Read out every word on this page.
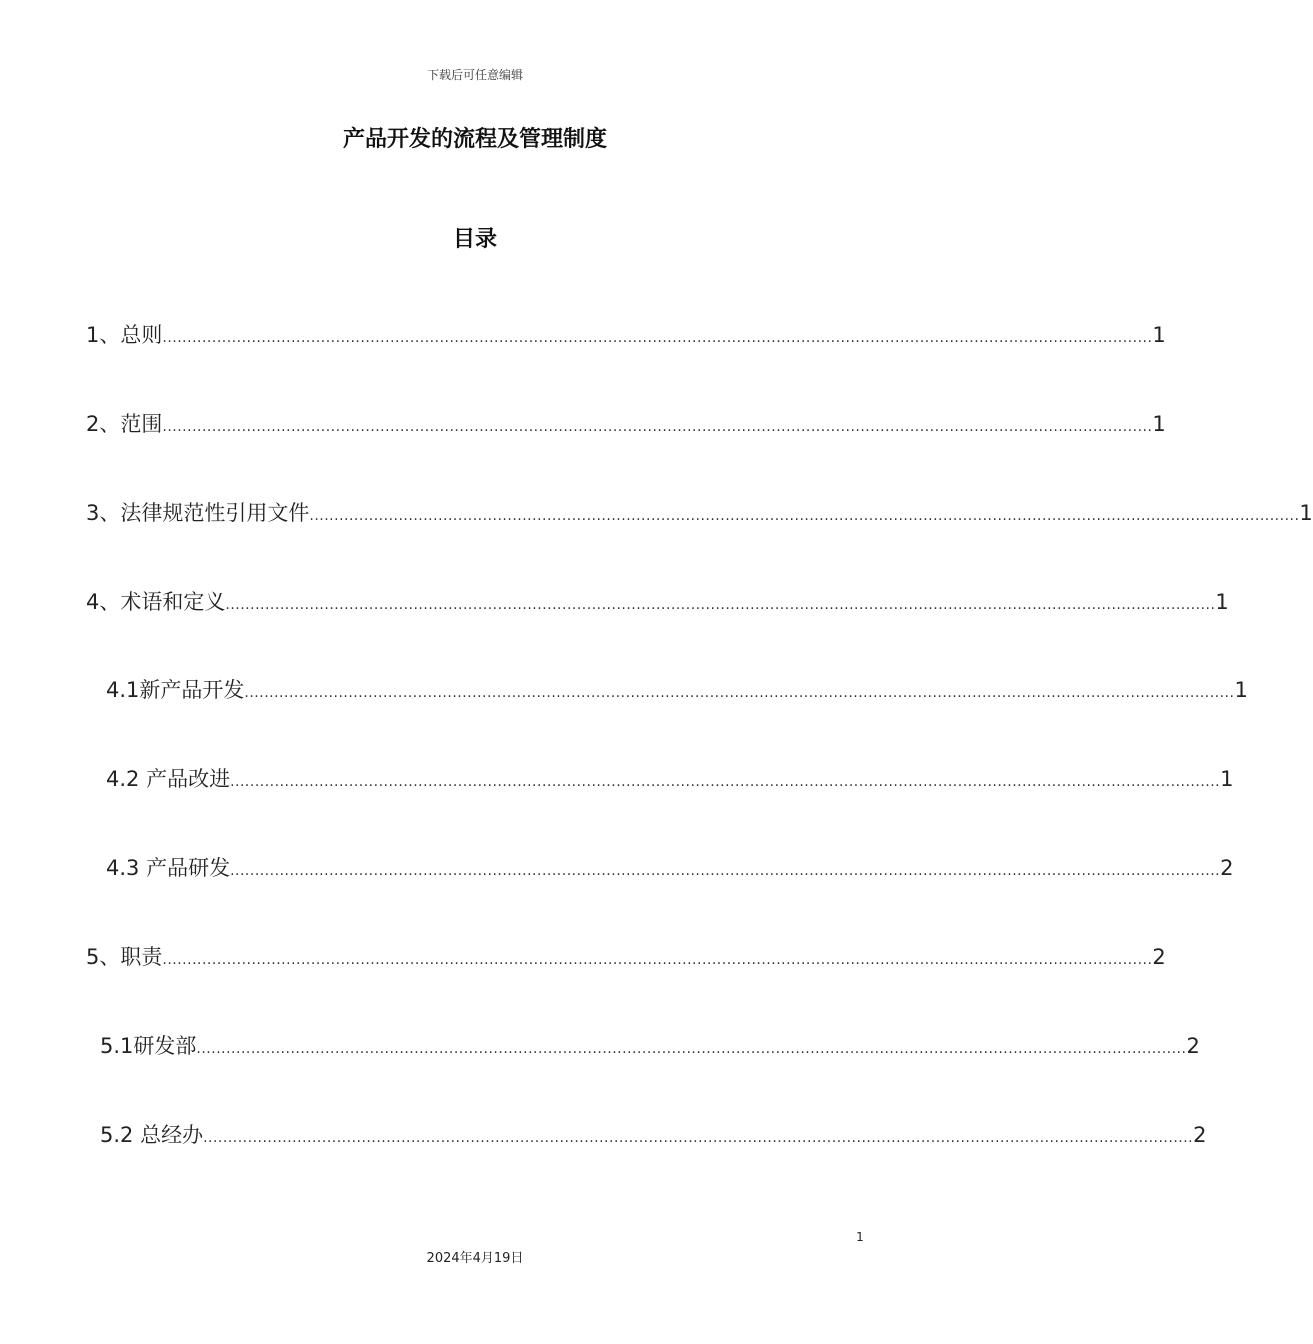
下载后可任意编辑
产品开发的流程及管理制度
目录
1、总则 ........................................................................................................................................................................................................ 1
2、范围 ........................................................................................................................................................................................................ 1
3、法律规范性引用文件 ........................................................................................................................................................................................................ 1
4、术语和定义 ........................................................................................................................................................................................................ 1
4.1新产品开发 ........................................................................................................................................................................................................ 1
4.2 产品改进 ........................................................................................................................................................................................................ 1
4.3 产品研发 ........................................................................................................................................................................................................ 2
5、职责 ........................................................................................................................................................................................................ 2
5.1研发部 ........................................................................................................................................................................................................ 2
5.2 总经办 ........................................................................................................................................................................................................ 2
1
2024年4月19日
